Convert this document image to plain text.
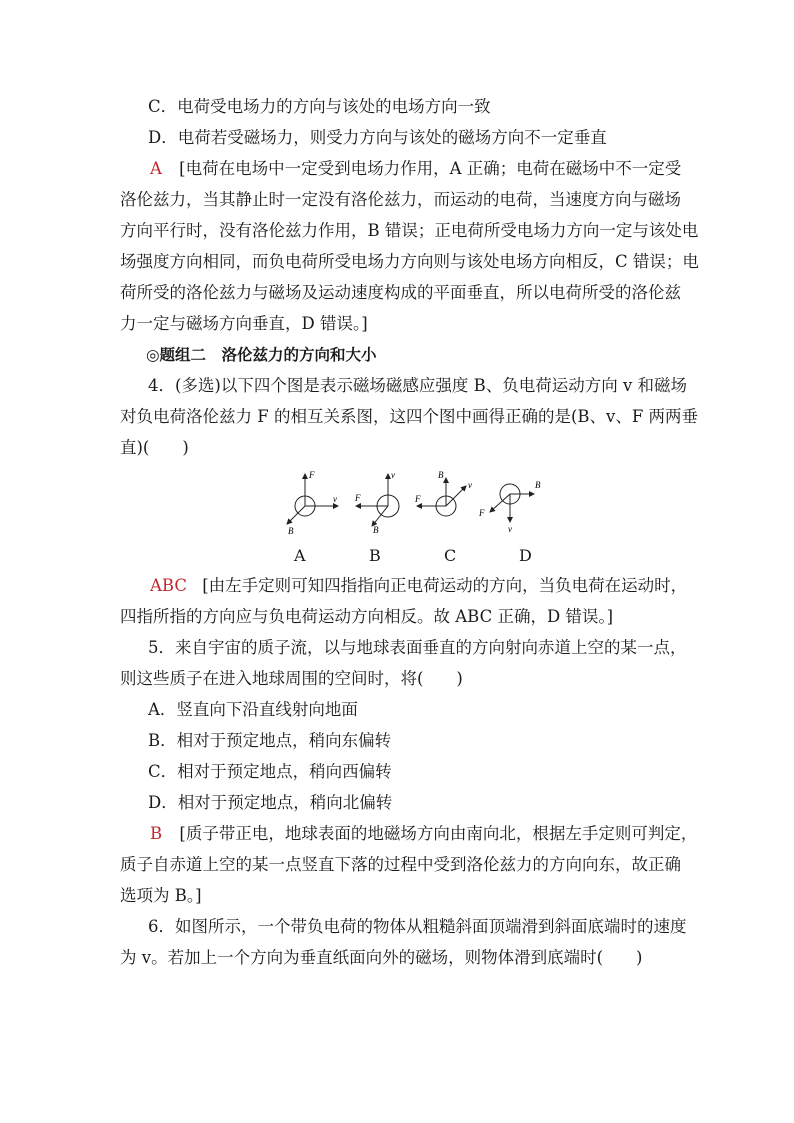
C．电荷受电场力的方向与该处的电场方向一致
D．电荷若受磁场力，则受力方向与该处的磁场方向不一定垂直
A [电荷在电场中一定受到电场力作用，A 正确；电荷在磁场中不一定受
洛伦兹力，当其静止时一定没有洛伦兹力，而运动的电荷，当速度方向与磁场
方向平行时，没有洛伦兹力作用，B 错误；正电荷所受电场力方向一定与该处电
场强度方向相同，而负电荷所受电场力方向则与该处电场方向相反，C 错误；电
荷所受的洛伦兹力与磁场及运动速度构成的平面垂直，所以电荷所受的洛伦兹
力一定与磁场方向垂直，D 错误。]
◎题组二　洛伦兹力的方向和大小
4．(多选)以下四个图是表示磁场磁感应强度 B、负电荷运动方向 v 和磁场
对负电荷洛伦兹力 F 的相互关系图，这四个图中画得正确的是(B、v、F 两两垂
直)(　　)
F
v
B
v
F
B
B
F
v	B
F
v
A	B	C	D
ABC [由左手定则可知四指指向正电荷运动的方向，当负电荷在运动时，
四指所指的方向应与负电荷运动方向相反。故 ABC 正确，D 错误。]
5．来自宇宙的质子流，以与地球表面垂直的方向射向赤道上空的某一点，
则这些质子在进入地球周围的空间时，将(　　)
A．竖直向下沿直线射向地面
B．相对于预定地点，稍向东偏转
C．相对于预定地点，稍向西偏转
D．相对于预定地点，稍向北偏转
B [质子带正电，地球表面的地磁场方向由南向北，根据左手定则可判定，
质子自赤道上空的某一点竖直下落的过程中受到洛伦兹力的方向向东，故正确
选项为 B。]
6．如图所示，一个带负电荷的物体从粗糙斜面顶端滑到斜面底端时的速度
为 v。若加上一个方向为垂直纸面向外的磁场，则物体滑到底端时(　　)
